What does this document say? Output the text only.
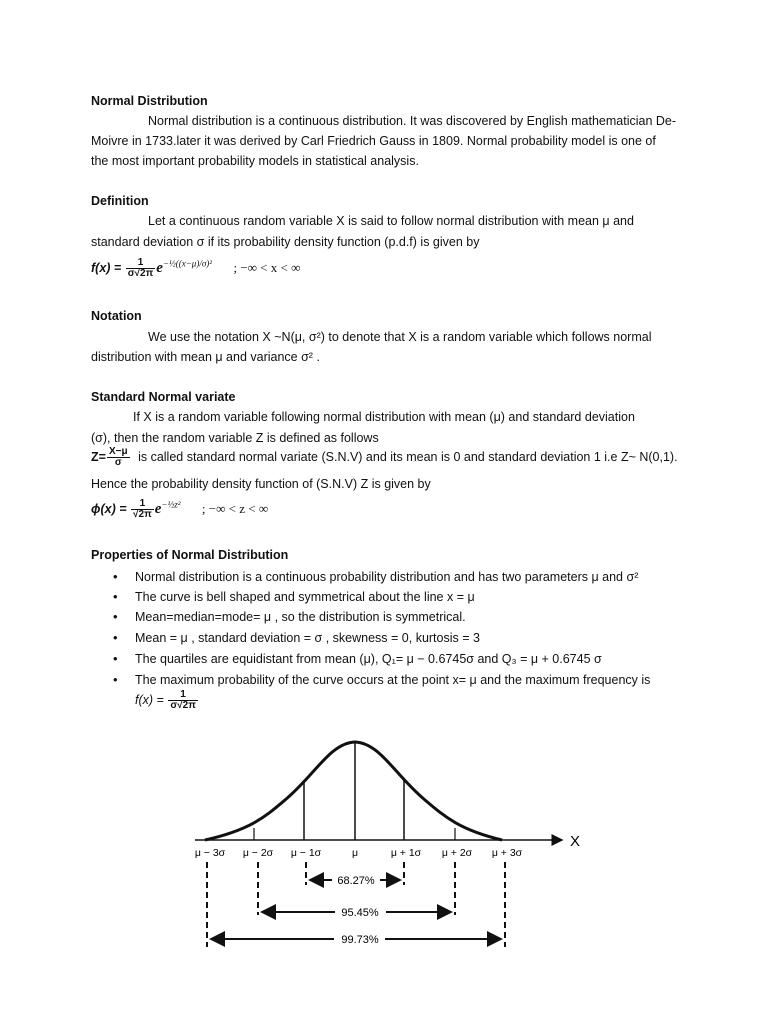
Normal Distribution
Normal distribution is a continuous distribution. It was discovered by English mathematician De-
Moivre in 1733.later it was derived by Carl Friedrich Gauss in 1809. Normal probability model is one of
the most important probability models in statistical analysis.
Definition
Let a continuous random variable X is said to follow normal distribution with mean μ and
standard deviation σ if its probability density function (p.d.f) is given by
$f(x) = \frac{1}{\sigma√2\pi} e^{-\frac{1}{2}((x-\mu)/\sigma)^2}$ ; −∞ < x < ∞
Notation
We use the notation X ~N(μ, σ²) to denote that X is a random variable which follows normal
distribution with mean μ and variance σ² .
Standard Normal variate
If X is a random variable following normal distribution with mean (μ) and standard deviation
(σ), then the random variable Z is defined as follows
$Z= \frac{X-\mu}{\sigma}$ is called standard normal variate (S.N.V) and its mean is 0 and standard deviation 1 i.e Z~ N(0,1).
Hence the probability density function of (S.N.V) Z is given by
$\phi(x) = \frac{1}{√2\pi} e^{-\frac{1}{2}z^2}$ ; −∞ < z < ∞
Properties of Normal Distribution
• Normal distribution is a continuous probability distribution and has two parameters μ and σ²
• The curve is bell shaped and symmetrical about the line x = μ
• Mean=median=mode= μ , so the distribution is symmetrical.
• Mean = μ , standard deviation = σ , skewness = 0, kurtosis = 3
• The quartiles are equidistant from mean (μ), Q₁= μ − 0.6745σ and Q₃ = μ + 0.6745 σ
• The maximum probability of the curve occurs at the point x= μ and the maximum frequency is
$f(x) = \frac{1}{\sigma√2\pi}$
X
μ − 3σ μ − 2σ μ − 1σ	μ	μ + 1σ μ + 2σ μ + 3σ
68.27%
95.45%
99.73%
